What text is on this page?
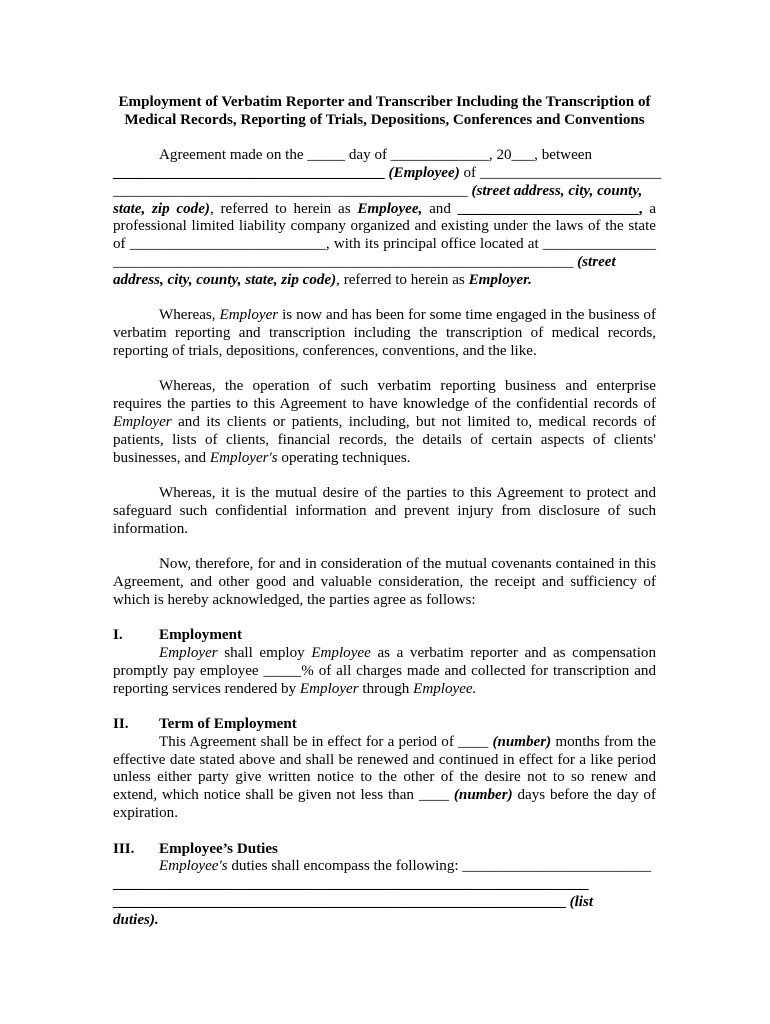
Employment of Verbatim Reporter and Transcriber Including the Transcription of
Medical Records, Reporting of Trials, Depositions, Conferences and Conventions
Agreement made on the _____ day of _____________, 20___, between
____________________________________ (Employee) of ________________________
_______________________________________________ (street address, city, county,
state, zip code), referred to herein as Employee, and ________________________, a
professional limited liability company organized and existing under the laws of the state
of __________________________, with its principal office located at _______________
_____________________________________________________________ (street
address, city, county, state, zip code), referred to herein as Employer.

Whereas, Employer is now and has been for some time engaged in the business of verbatim reporting and transcription including the transcription of medical records, reporting of trials, depositions, conferences, conventions, and the like.

Whereas, the operation of such verbatim reporting business and enterprise requires the parties to this Agreement to have knowledge of the confidential records of Employer and its clients or patients, including, but not limited to, medical records of patients, lists of clients, financial records, the details of certain aspects of clients' businesses, and Employer's operating techniques.

Whereas, it is the mutual desire of the parties to this Agreement to protect and safeguard such confidential information and prevent injury from disclosure of such information.

Now, therefore, for and in consideration of the mutual covenants contained in this Agreement, and other good and valuable consideration, the receipt and sufficiency of which is hereby acknowledged, the parties agree as follows:

I. Employment

Employer shall employ Employee as a verbatim reporter and as compensation promptly pay employee _____% of all charges made and collected for transcription and reporting services rendered by Employer through Employee.

II. Term of Employment

This Agreement shall be in effect for a period of ____ (number) months from the effective date stated above and shall be renewed and continued in effect for a like period unless either party give written notice to the other of the desire not to so renew and extend, which notice shall be given not less than ____ (number) days before the day of expiration.

III. Employee’s Duties
Employee's duties shall encompass the following: _________________________
_______________________________________________________________
____________________________________________________________ (list
duties).
